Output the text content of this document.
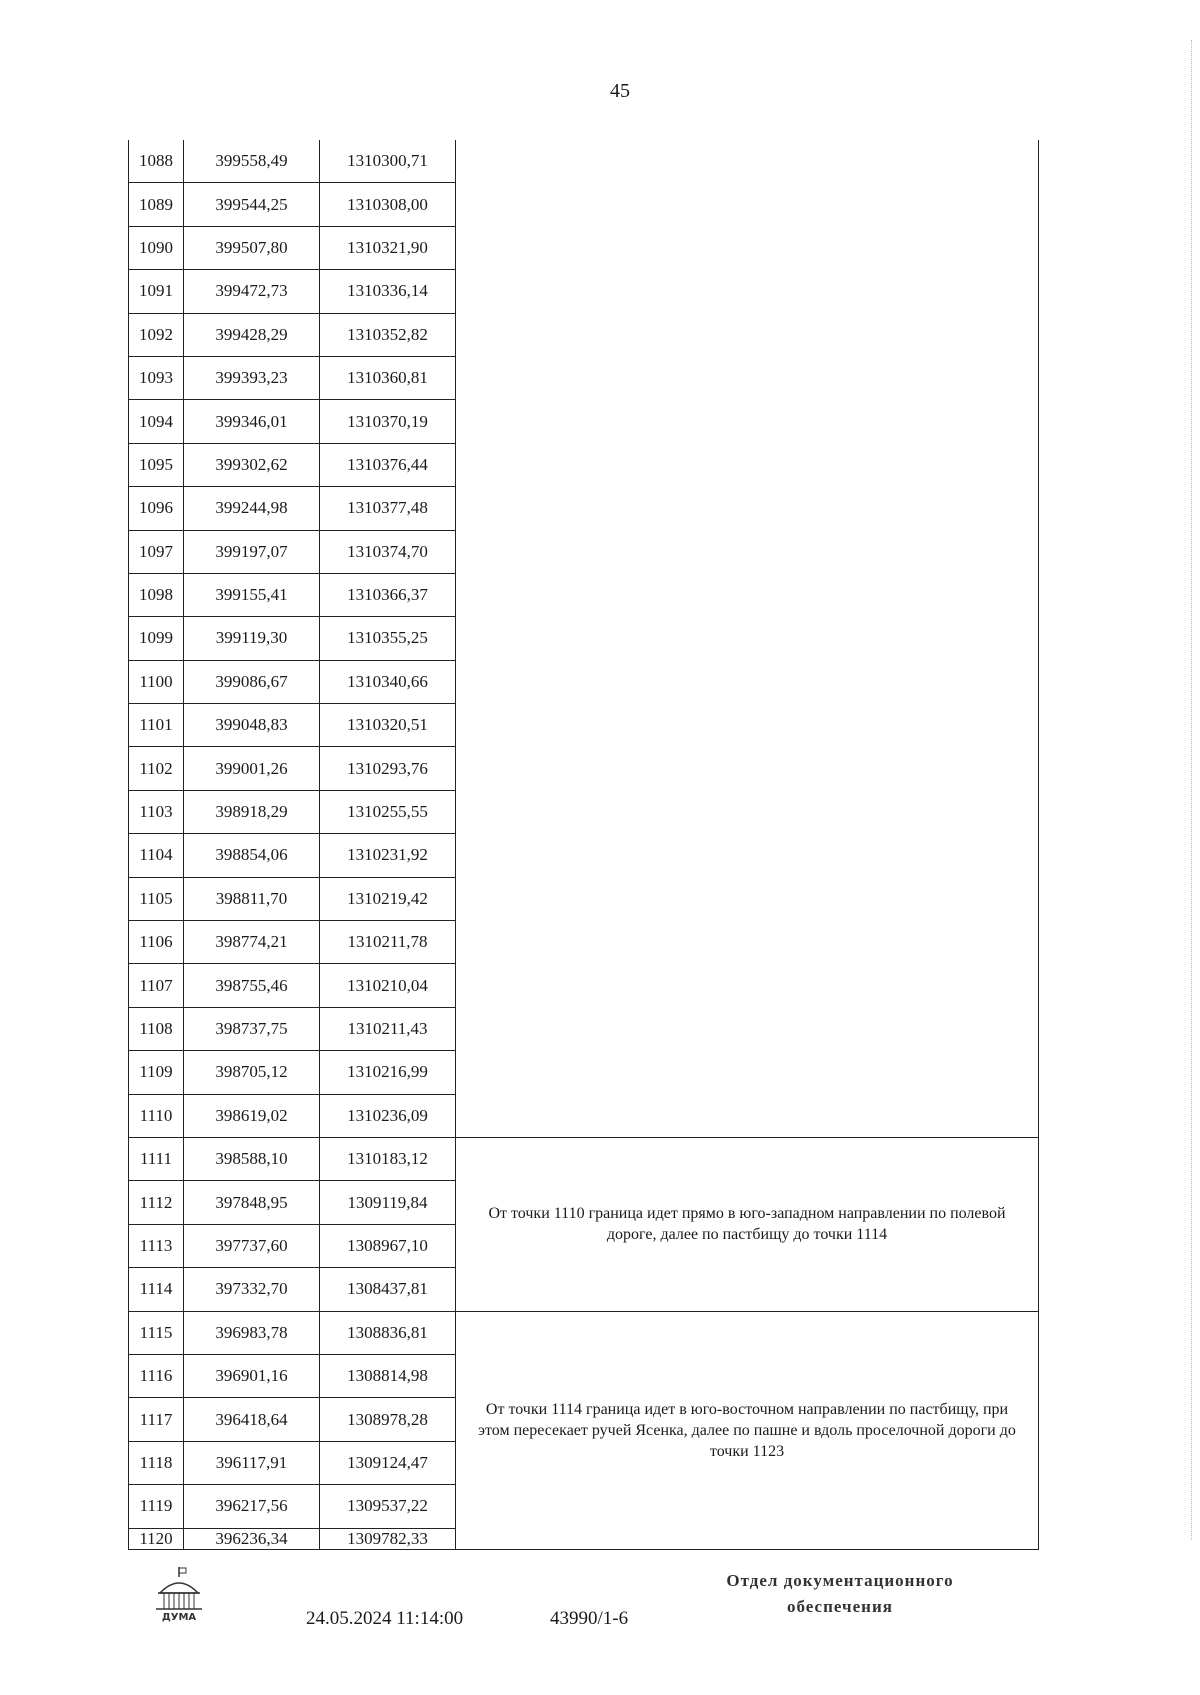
45
1088	399558,49	1310300,71	
1089	399544,25	1310308,00	
1090	399507,80	1310321,90	
1091	399472,73	1310336,14	
1092	399428,29	1310352,82	
1093	399393,23	1310360,81	
1094	399346,01	1310370,19	
1095	399302,62	1310376,44	
1096	399244,98	1310377,48	
1097	399197,07	1310374,70	
1098	399155,41	1310366,37	
1099	399119,30	1310355,25	
1100	399086,67	1310340,66	
1101	399048,83	1310320,51	
1102	399001,26	1310293,76	
1103	398918,29	1310255,55	
1104	398854,06	1310231,92	
1105	398811,70	1310219,42	
1106	398774,21	1310211,78	
1107	398755,46	1310210,04	
1108	398737,75	1310211,43	
1109	398705,12	1310216,99	
1110	398619,02	1310236,09	
1111	398588,10	1310183,12	От точки 1110 граница идет прямо в юго-западном направлении по полевой дороге, далее по пастбищу до точки 1114
1112	397848,95	1309119,84	
1113	397737,60	1308967,10	
1114	397332,70	1308437,81	
1115	396983,78	1308836,81	От точки 1114 граница идет в юго-восточном направлении по пастбищу, при этом пересекает ручей Ясенка, далее по пашне и вдоль проселочной дороги до точки 1123
1116	396901,16	1308814,98	
1117	396418,64	1308978,28	
1118	396117,91	1309124,47	
1119	396217,56	1309537,22	
1120	396236,34	1309782,33	
ДУМА	24.05.2024 11:14:00	43990/1-6
Отдел документационного обеспечения
